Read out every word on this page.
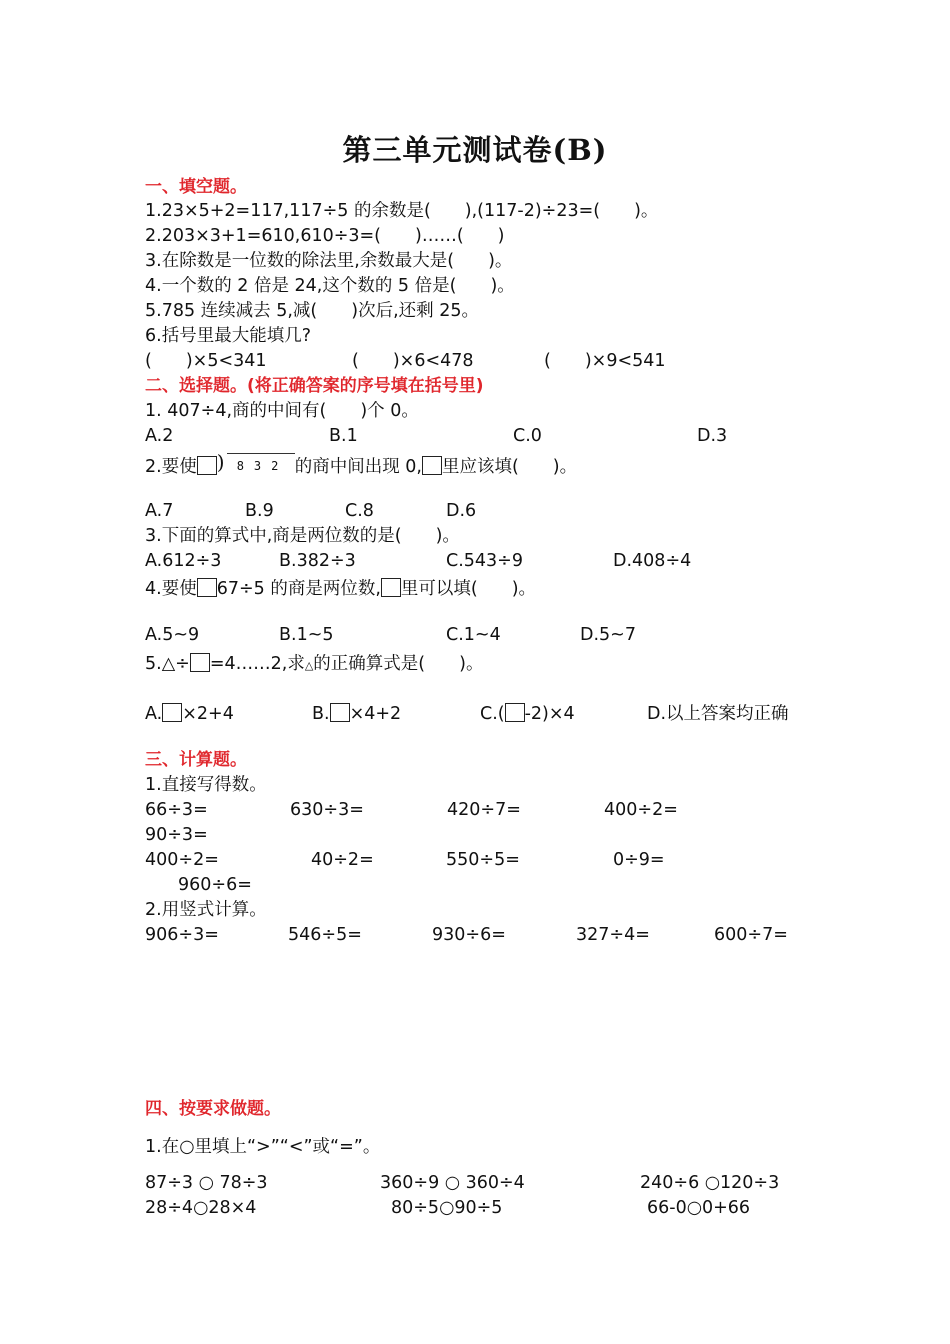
第三单元测试卷(B)
一、填空题。
1.23×5+2=117,117÷5 的余数是( ),(117-2)÷23=( )。
2.203×3+1=610,610÷3=( )……( )
3.在除数是一位数的除法里,余数最大是( )。
4.一个数的 2 倍是 24,这个数的 5 倍是( )。
5.785 连续减去 5,减( )次后,还剩 25。
6.括号里最大能填几?
( )×5<341	( )×6<478	( )×9<541
二、选择题。(将正确答案的序号填在括号里)
1. 407÷4,商的中间有( )个 0。
A.2	B.1	C.0	D.3
2.要使 ) 832 的商中间出现 0, 里应该填( )。
A.7	B.9	C.8	D.6
3.下面的算式中,商是两位数的是( )。
A.612÷3	B.382÷3	C.543÷9	D.408÷4
4.要使 67÷5 的商是两位数, 里可以填( )。
A.5~9	B.1~5	C.1~4	D.5~7
5.△÷ =4……2,求△的正确算式是( )。
A. ×2+4	B. ×4+2	C.( -2)×4	D.以上答案均正确
三、计算题。
1.直接写得数。
66÷3=	630÷3=	420÷7=	400÷2=
90÷3=
400÷2=	40÷2=	550÷5=	0÷9=
960÷6=
2.用竖式计算。
906÷3=	546÷5=	930÷6=	327÷4=	600÷7=
四、按要求做题。
1.在○里填上“>”“<”或“=”。
87÷3 ○ 78÷3	360÷9 ○ 360÷4	240÷6 ○120÷3
28÷4○28×4	80÷5○90÷5	66-0○0+66
